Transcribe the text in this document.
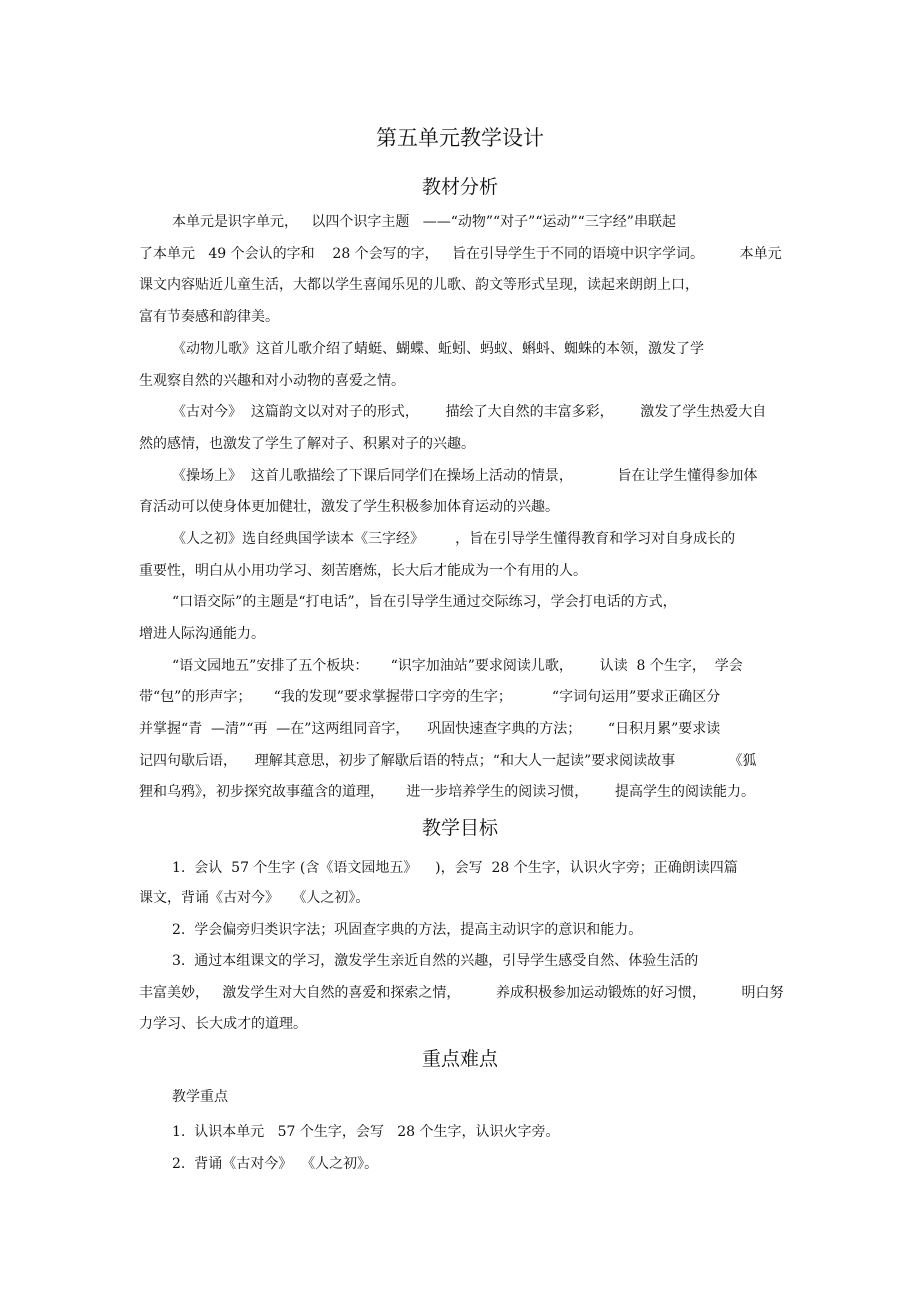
第五单元教学设计
教材分析
本单元是识字单元，   以四个识字主题   ——“动物”“对子”“运动”“三字经”串联起
了本单元   49 个会认的字和    28 个会写的字，   旨在引导学生于不同的语境中识字学词。        本单元
课文内容贴近儿童生活，大都以学生喜闻乐见的儿歌、韵文等形式呈现，读起来朗朗上口，
富有节奏感和韵律美。
《动物儿歌》这首儿歌介绍了蜻蜓、蝴蝶、蚯蚓、蚂蚁、蝌蚪、蜘蛛的本领，激发了学
生观察自然的兴趣和对小动物的喜爱之情。
《古对今》  这篇韵文以对对子的形式，      描绘了大自然的丰富多彩，      激发了学生热爱大自
然的感情，也激发了学生了解对子、积累对子的兴趣。
《操场上》  这首儿歌描绘了下课后同学们在操场上活动的情景，          旨在让学生懂得参加体
育活动可以使身体更加健壮，激发了学生积极参加体育运动的兴趣。
《人之初》选自经典国学读本《三字经》       ，旨在引导学生懂得教育和学习对自身成长的
重要性，明白从小用功学习、刻苦磨炼，长大后才能成为一个有用的人。
“口语交际”的主题是“打电话”，旨在引导学生通过交际练习，学会打电话的方式，
增进人际沟通能力。
“语文园地五”安排了五个板块：     “识字加油站”要求阅读儿歌，      认读  8 个生字，  学会
带“包”的形声字；     “我的发现”要求掌握带口字旁的生字；         “字词句运用”要求正确区分
并掌握“青  —清”“再  —在”这两组同音字，    巩固快速查字典的方法；      “日积月累”要求读
记四句歇后语，    理解其意思，初步了解歇后语的特点；“和大人一起读”要求阅读故事            《狐
狸和乌鸦》，初步探究故事蕴含的道理，     进一步培养学生的阅读习惯，      提高学生的阅读能力。
教学目标
1.  会认  57 个生字 (含《语文园地五》    )，会写  28 个生字，认识火字旁；正确朗读四篇
课文，背诵《古对今》   《人之初》。
2.  学会偏旁归类识字法；巩固查字典的方法，提高主动识字的意识和能力。
3.  通过本组课文的学习，激发学生亲近自然的兴趣，引导学生感受自然、体验生活的
丰富美妙，   激发学生对大自然的喜爱和探索之情，        养成积极参加运动锻炼的好习惯，        明白努
力学习、长大成才的道理。
重点难点
教学重点
1.  认识本单元   57 个生字，会写   28 个生字，认识火字旁。
2.  背诵《古对今》  《人之初》。
